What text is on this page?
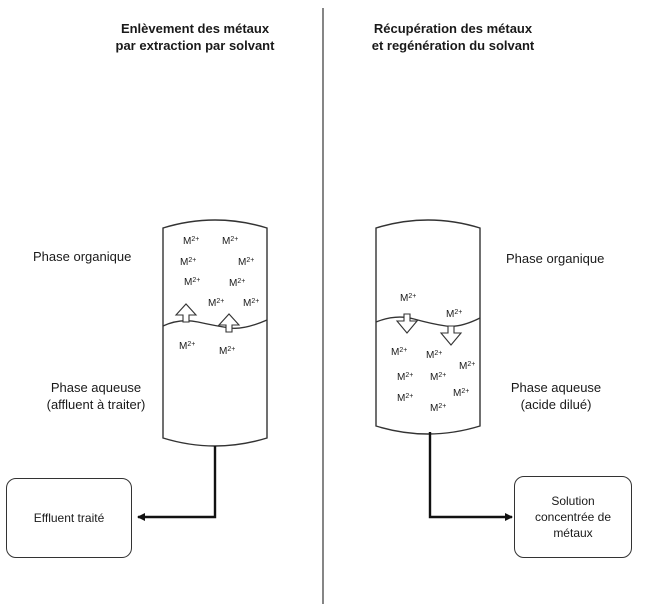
Enlèvement des métaux
par extraction par solvant
Récupération des métaux
et regénération du solvant
Phase organique
Phase aqueuse
(affluent à traiter)
Phase organique
Phase aqueuse
(acide dilué)
$M^{2+}$ $M^{2+}$
$M^{2+}$	$M^{2+}$
$M^{2+}$	$M^{2+}$
$M^{2+}$ $M^{2+}$
$M^{2+}$
$M^{2+}$
$M^{2+}$
$M^{2+}$
$M^{2+}$ $M^{2+}$
$M^{2+}$
$M^{2+}$ $M^{2+}$
$M^{2+}$	$M^{2+}$
$M^{2+}$
Effluent traité
Solution
concentrée de
métaux
